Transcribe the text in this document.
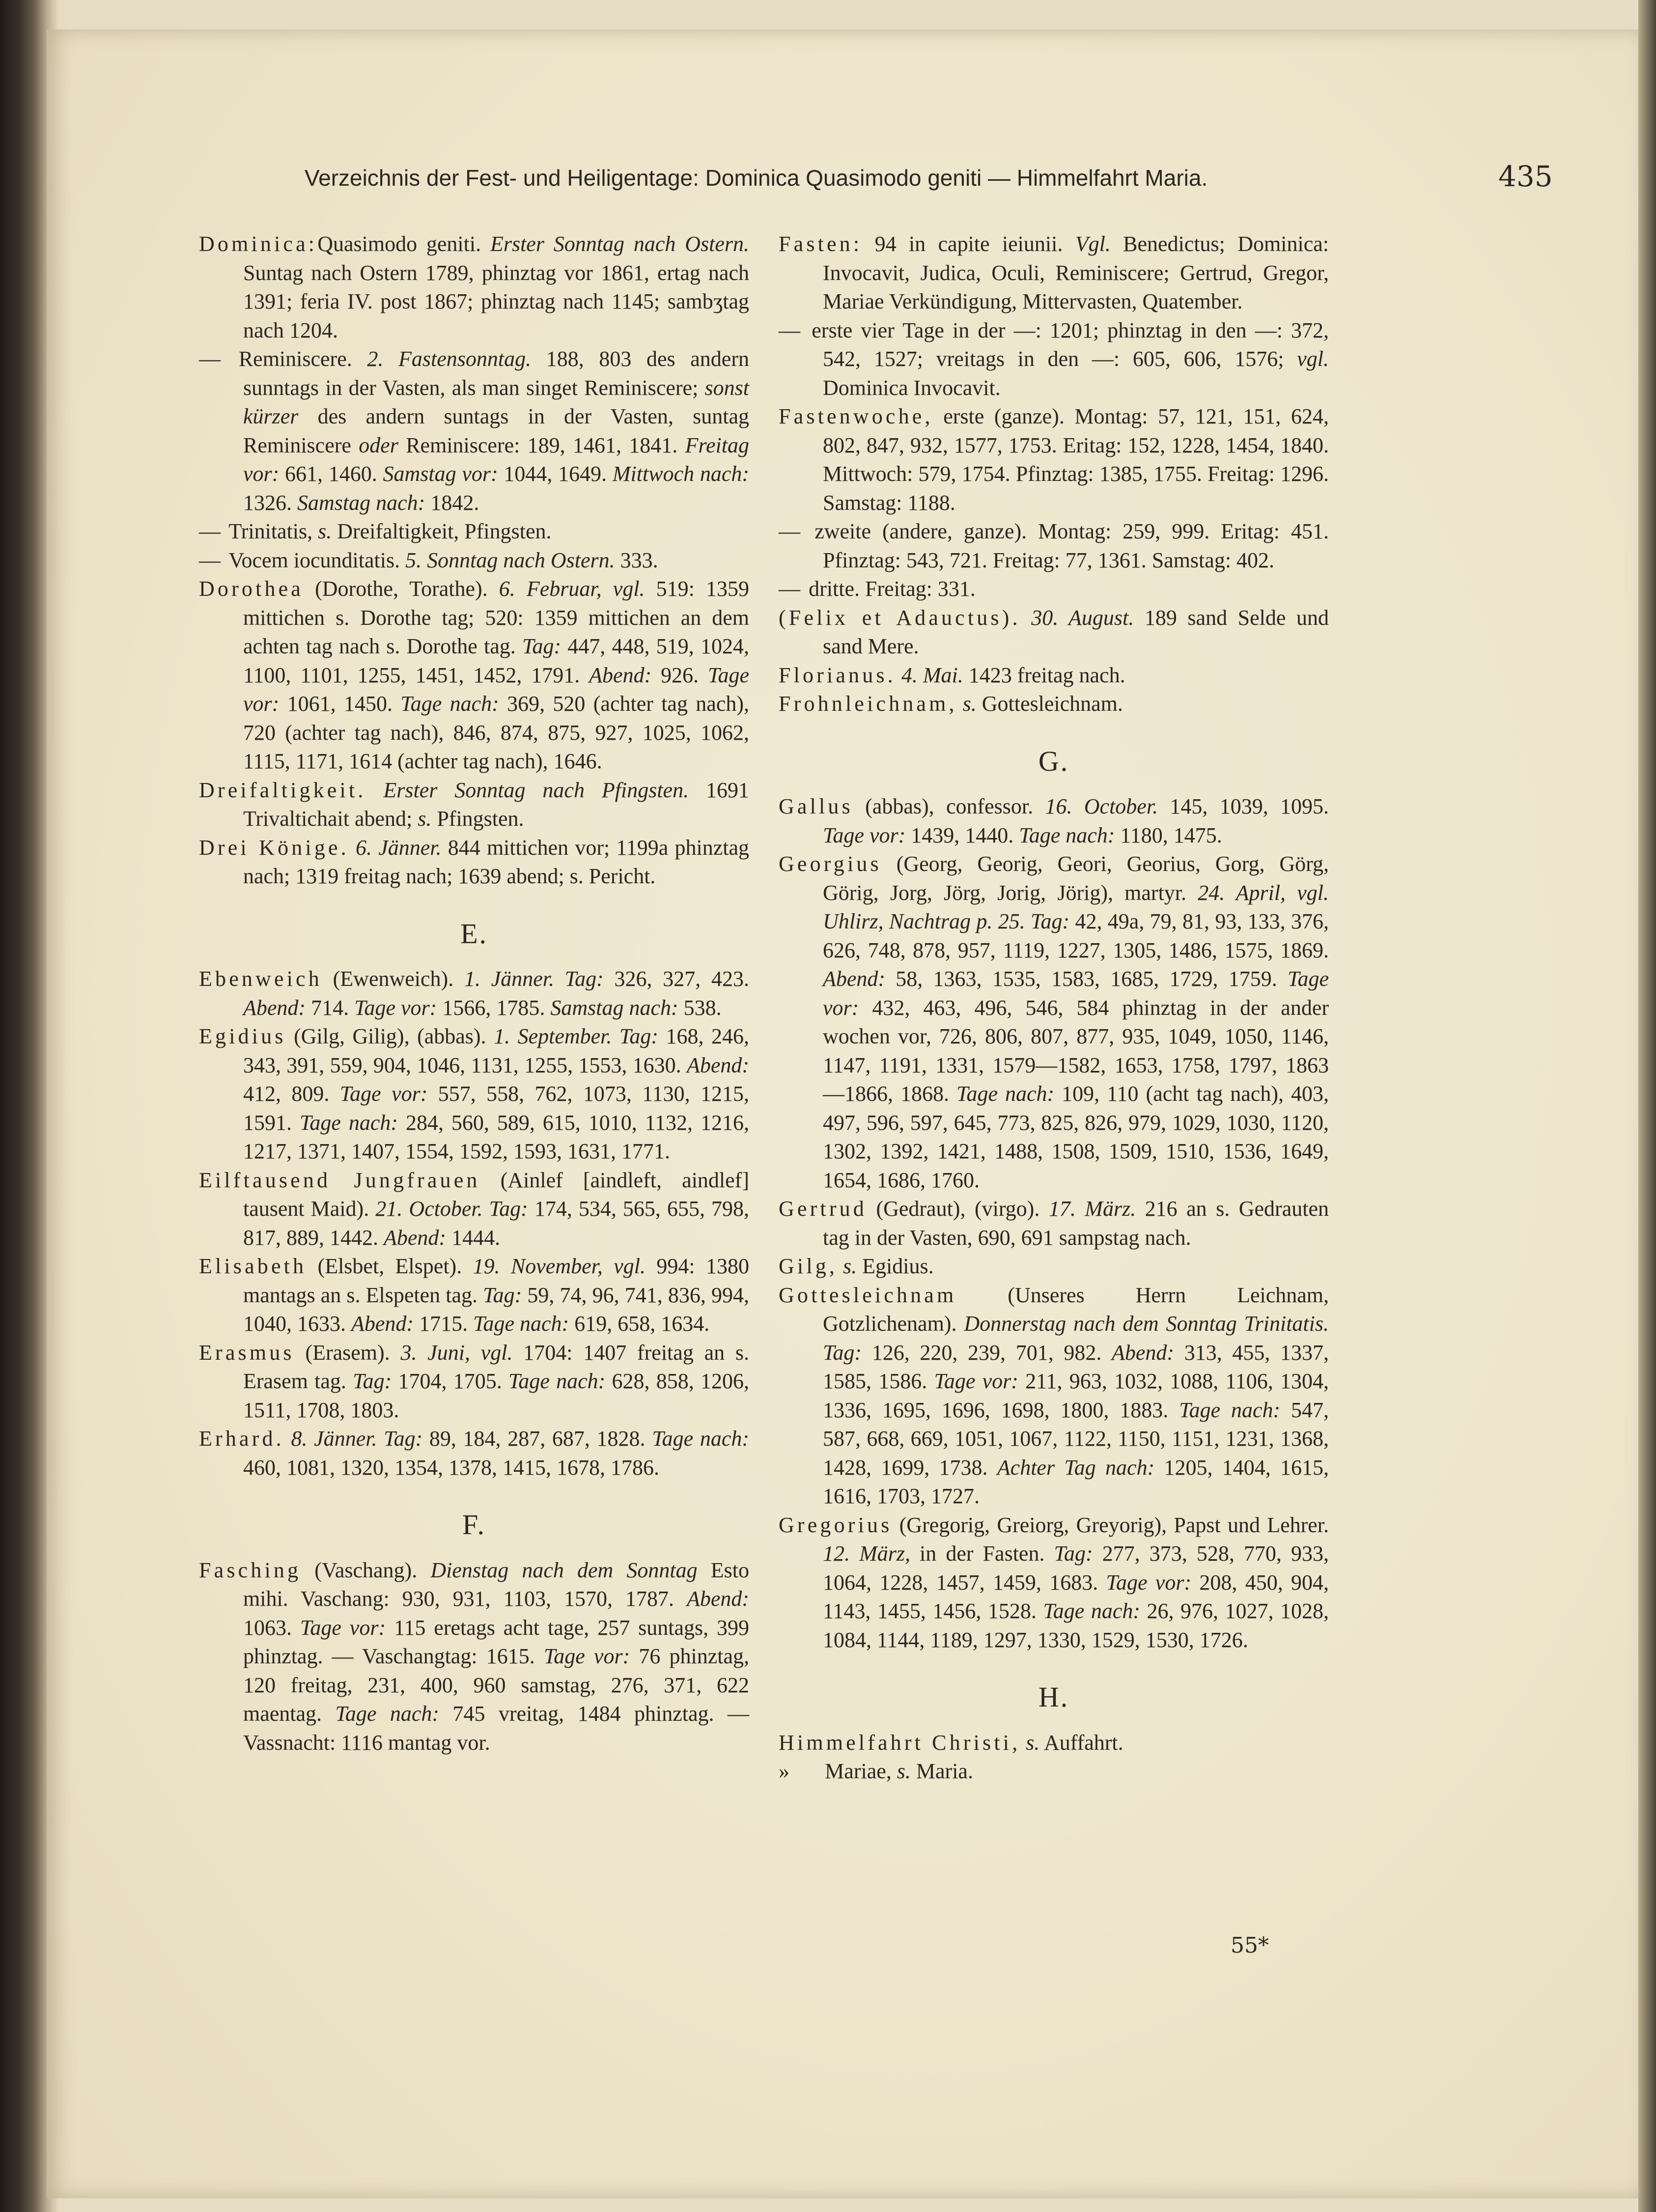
Verzeichnis der Fest- und Heiligentage: Dominica Quasimodo geniti — Himmelfahrt Maria.	435

Dominica:Quasimodo geniti. Erster Sonntag nach Ostern. Suntag nach Ostern 1789, phinztag vor 1861, ertag nach 1391; feria IV. post 1867; phinztag nach 1145; sambʒtag nach 1204.

— Reminiscere. 2. Fastensonntag. 188, 803 des andern sunntags in der Vasten, als man singet Reminiscere; sonst kürzer des andern suntags in der Vasten, suntag Reminiscere oder Reminiscere: 189, 1461, 1841. Freitag vor: 661, 1460. Samstag vor: 1044, 1649. Mittwoch nach: 1326. Samstag nach: 1842.

— Trinitatis, s. Dreifaltigkeit, Pfingsten.

— Vocem iocunditatis. 5. Sonntag nach Ostern. 333.

Dorothea (Dorothe, Torathe). 6. Februar, vgl. 519: 1359 mittichen s. Dorothe tag; 520: 1359 mittichen an dem achten tag nach s. Dorothe tag. Tag: 447, 448, 519, 1024, 1100, 1101, 1255, 1451, 1452, 1791. Abend: 926. Tage vor: 1061, 1450. Tage nach: 369, 520 (achter tag nach), 720 (achter tag nach), 846, 874, 875, 927, 1025, 1062, 1115, 1171, 1614 (achter tag nach), 1646.

Dreifaltigkeit. Erster Sonntag nach Pfingsten. 1691 Trivaltichait abend; s. Pfingsten.

Drei Könige. 6. Jänner. 844 mittichen vor; 1199a phinztag nach; 1319 freitag nach; 1639 abend; s. Pericht.

E.

Ebenweich (Ewenweich). 1. Jänner. Tag: 326, 327, 423. Abend: 714. Tage vor: 1566, 1785. Samstag nach: 538.

Egidius (Gilg, Gilig), (abbas). 1. September. Tag: 168, 246, 343, 391, 559, 904, 1046, 1131, 1255, 1553, 1630. Abend: 412, 809. Tage vor: 557, 558, 762, 1073, 1130, 1215, 1591. Tage nach: 284, 560, 589, 615, 1010, 1132, 1216, 1217, 1371, 1407, 1554, 1592, 1593, 1631, 1771.

Eilftausend Jungfrauen (Ainlef [aindleft, aindlef] tausent Maid). 21. October. Tag: 174, 534, 565, 655, 798, 817, 889, 1442. Abend: 1444.

Elisabeth (Elsbet, Elspet). 19. November, vgl. 994: 1380 mantags an s. Elspeten tag. Tag: 59, 74, 96, 741, 836, 994, 1040, 1633. Abend: 1715. Tage nach: 619, 658, 1634.

Erasmus (Erasem). 3. Juni, vgl. 1704: 1407 freitag an s. Erasem tag. Tag: 1704, 1705. Tage nach: 628, 858, 1206, 1511, 1708, 1803.

Erhard. 8. Jänner. Tag: 89, 184, 287, 687, 1828. Tage nach: 460, 1081, 1320, 1354, 1378, 1415, 1678, 1786.

F.

Fasching (Vaschang). Dienstag nach dem Sonntag Esto mihi. Vaschang: 930, 931, 1103, 1570, 1787. Abend: 1063. Tage vor: 115 eretags acht tage, 257 suntags, 399 phinztag. — Vaschangtag: 1615. Tage vor: 76 phinztag, 120 freitag, 231, 400, 960 samstag, 276, 371, 622 maentag. Tage nach: 745 vreitag, 1484 phinztag. — Vassnacht: 1116 mantag vor.

Fasten: 94 in capite ieiunii. Vgl. Benedictus; Dominica: Invocavit, Judica, Oculi, Reminiscere; Gertrud, Gregor, Mariae Verkündigung, Mittervasten, Quatember.

— erste vier Tage in der —: 1201; phinztag in den —: 372, 542, 1527; vreitags in den —: 605, 606, 1576; vgl. Dominica Invocavit.

Fastenwoche, erste (ganze). Montag: 57, 121, 151, 624, 802, 847, 932, 1577, 1753. Eritag: 152, 1228, 1454, 1840. Mittwoch: 579, 1754. Pfinztag: 1385, 1755. Freitag: 1296. Samstag: 1188.

— zweite (andere, ganze). Montag: 259, 999. Eritag: 451. Pfinztag: 543, 721. Freitag: 77, 1361. Samstag: 402.

— dritte. Freitag: 331.

(Felix et Adauctus). 30. August. 189 sand Selde und sand Mere.

Florianus. 4. Mai. 1423 freitag nach.

Frohnleichnam, s. Gottesleichnam.

G.

Gallus (abbas), confessor. 16. October. 145, 1039, 1095. Tage vor: 1439, 1440. Tage nach: 1180, 1475.

Georgius (Georg, Georig, Geori, Georius, Gorg, Görg, Görig, Jorg, Jörg, Jorig, Jörig), martyr. 24. April, vgl. Uhlirz, Nachtrag p. 25. Tag: 42, 49a, 79, 81, 93, 133, 376, 626, 748, 878, 957, 1119, 1227, 1305, 1486, 1575, 1869. Abend: 58, 1363, 1535, 1583, 1685, 1729, 1759. Tage vor: 432, 463, 496, 546, 584 phinztag in der ander wochen vor, 726, 806, 807, 877, 935, 1049, 1050, 1146, 1147, 1191, 1331, 1579—1582, 1653, 1758, 1797, 1863—1866, 1868. Tage nach: 109, 110 (acht tag nach), 403, 497, 596, 597, 645, 773, 825, 826, 979, 1029, 1030, 1120, 1302, 1392, 1421, 1488, 1508, 1509, 1510, 1536, 1649, 1654, 1686, 1760.

Gertrud (Gedraut), (virgo). 17. März. 216 an s. Gedrauten tag in der Vasten, 690, 691 sampstag nach.

Gilg, s. Egidius.

Gottesleichnam (Unseres Herrn Leichnam, Gotzlichenam). Donnerstag nach dem Sonntag Trinitatis. Tag: 126, 220, 239, 701, 982. Abend: 313, 455, 1337, 1585, 1586. Tage vor: 211, 963, 1032, 1088, 1106, 1304, 1336, 1695, 1696, 1698, 1800, 1883. Tage nach: 547, 587, 668, 669, 1051, 1067, 1122, 1150, 1151, 1231, 1368, 1428, 1699, 1738. Achter Tag nach: 1205, 1404, 1615, 1616, 1703, 1727.

Gregorius (Gregorig, Greiorg, Greyorig), Papst und Lehrer. 12. März, in der Fasten. Tag: 277, 373, 528, 770, 933, 1064, 1228, 1457, 1459, 1683. Tage vor: 208, 450, 904, 1143, 1455, 1456, 1528. Tage nach: 26, 976, 1027, 1028, 1084, 1144, 1189, 1297, 1330, 1529, 1530, 1726.

H.

Himmelfahrt Christi, s. Auffahrt.

»      Mariae, s. Maria.

55*
